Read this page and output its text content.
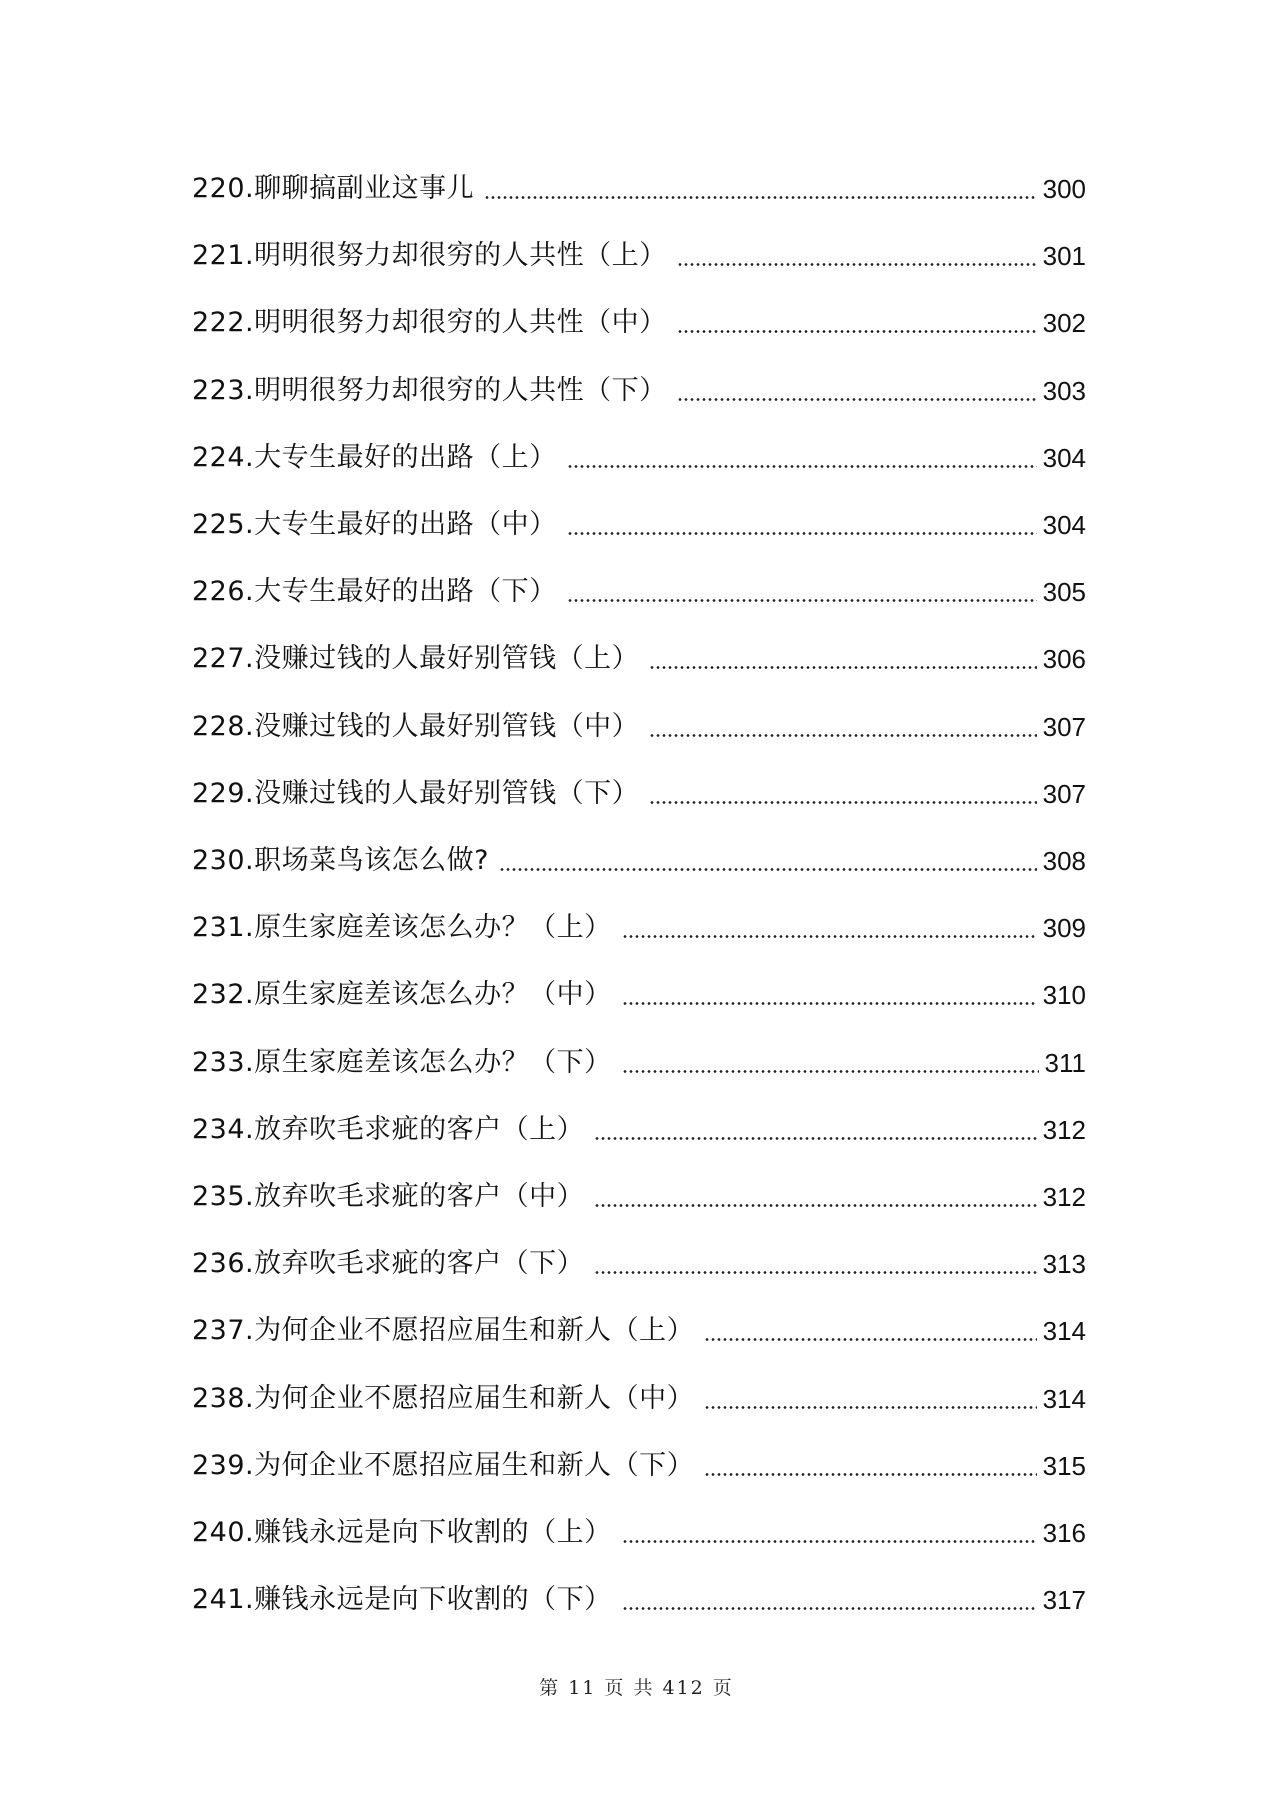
220.聊聊搞副业这事儿	300
221.明明很努力却很穷的人共性（上）	301
222.明明很努力却很穷的人共性（中）	302
223.明明很努力却很穷的人共性（下）	303
224.大专生最好的出路（上）	304
225.大专生最好的出路（中）	304
226.大专生最好的出路（下）	305
227.没赚过钱的人最好别管钱（上）	306
228.没赚过钱的人最好别管钱（中）	307
229.没赚过钱的人最好别管钱（下）	307
230.职场菜鸟该怎么做?	308
231.原生家庭差该怎么办？（上）	309
232.原生家庭差该怎么办？（中）	310
233.原生家庭差该怎么办？（下）	311
234.放弃吹毛求疵的客户（上）	312
235.放弃吹毛求疵的客户（中）	312
236.放弃吹毛求疵的客户（下）	313
237.为何企业不愿招应届生和新人（上）	314
238.为何企业不愿招应届生和新人（中）	314
239.为何企业不愿招应届生和新人（下）	315
240.赚钱永远是向下收割的（上）	316
241.赚钱永远是向下收割的（下）	317
第 11 页 共 412 页
